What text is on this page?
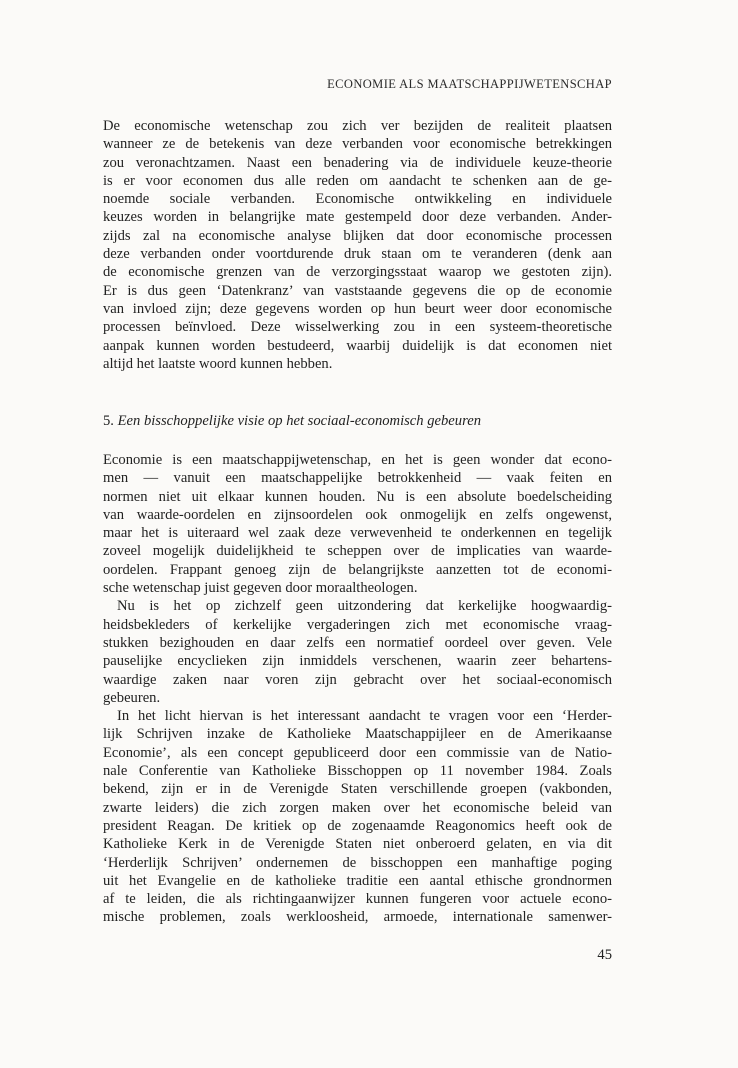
ECONOMIE ALS MAATSCHAPPIJWETENSCHAP
De economische wetenschap zou zich ver bezijden de realiteit plaatsen
wanneer ze de betekenis van deze verbanden voor economische betrekkingen
zou veronachtzamen. Naast een benadering via de individuele keuze-theorie
is er voor economen dus alle reden om aandacht te schenken aan de ge-
noemde sociale verbanden. Economische ontwikkeling en individuele
keuzes worden in belangrijke mate gestempeld door deze verbanden. Ander-
zijds zal na economische analyse blijken dat door economische processen
deze verbanden onder voortdurende druk staan om te veranderen (denk aan
de economische grenzen van de verzorgingsstaat waarop we gestoten zijn).
Er is dus geen ‘Datenkranz’ van vaststaande gegevens die op de economie
van invloed zijn; deze gegevens worden op hun beurt weer door economische
processen beïnvloed. Deze wisselwerking zou in een systeem-theoretische
aanpak kunnen worden bestudeerd, waarbij duidelijk is dat economen niet
altijd het laatste woord kunnen hebben.
5. Een bisschoppelijke visie op het sociaal-economisch gebeuren
Economie is een maatschappijwetenschap, en het is geen wonder dat econo-
men — vanuit een maatschappelijke betrokkenheid — vaak feiten en
normen niet uit elkaar kunnen houden. Nu is een absolute boedelscheiding
van waarde-oordelen en zijnsoordelen ook onmogelijk en zelfs ongewenst,
maar het is uiteraard wel zaak deze verwevenheid te onderkennen en tegelijk
zoveel mogelijk duidelijkheid te scheppen over de implicaties van waarde-
oordelen. Frappant genoeg zijn de belangrijkste aanzetten tot de economi-
sche wetenschap juist gegeven door moraaltheologen.
Nu is het op zichzelf geen uitzondering dat kerkelijke hoogwaardig-
heidsbekleders of kerkelijke vergaderingen zich met economische vraag-
stukken bezighouden en daar zelfs een normatief oordeel over geven. Vele
pauselijke encyclieken zijn inmiddels verschenen, waarin zeer behartens-
waardige zaken naar voren zijn gebracht over het sociaal-economisch
gebeuren.
In het licht hiervan is het interessant aandacht te vragen voor een ‘Herder-
lijk Schrijven inzake de Katholieke Maatschappijleer en de Amerikaanse
Economie’, als een concept gepubliceerd door een commissie van de Natio-
nale Conferentie van Katholieke Bisschoppen op 11 november 1984. Zoals
bekend, zijn er in de Verenigde Staten verschillende groepen (vakbonden,
zwarte leiders) die zich zorgen maken over het economische beleid van
president Reagan. De kritiek op de zogenaamde Reagonomics heeft ook de
Katholieke Kerk in de Verenigde Staten niet onberoerd gelaten, en via dit
‘Herderlijk Schrijven’ ondernemen de bisschoppen een manhaftige poging
uit het Evangelie en de katholieke traditie een aantal ethische grondnormen
af te leiden, die als richtingaanwijzer kunnen fungeren voor actuele econo-
mische problemen, zoals werkloosheid, armoede, internationale samenwer-
45
